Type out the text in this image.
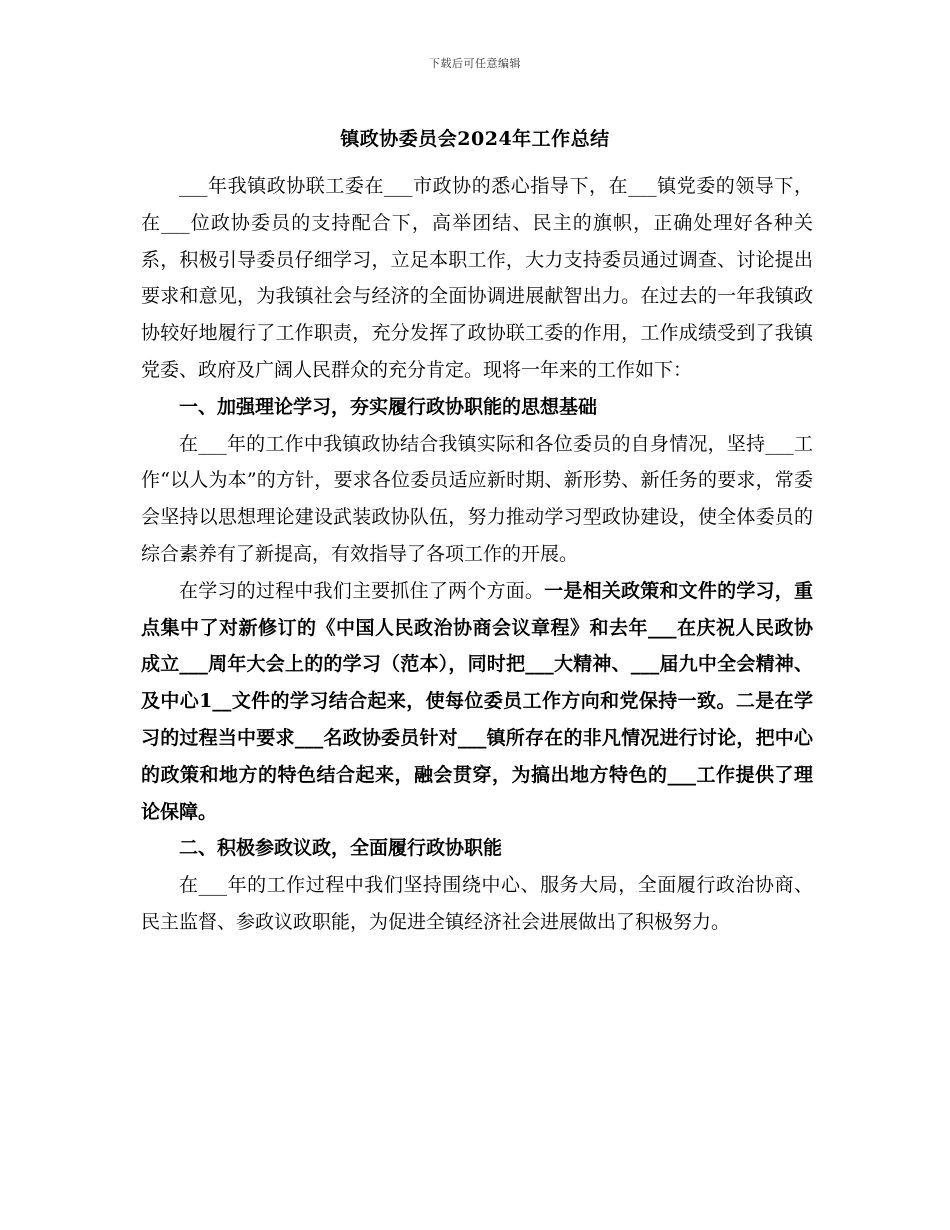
下载后可任意编辑
镇政协委员会2024年工作总结

___年我镇政协联工委在___市政协的悉心指导下，在___镇党委的领导下，在___位政协委员的支持配合下，高举团结、民主的旗帜，正确处理好各种关系，积极引导委员仔细学习，立足本职工作，大力支持委员通过调查、讨论提出要求和意见，为我镇社会与经济的全面协调进展献智出力。在过去的一年我镇政协较好地履行了工作职责，充分发挥了政协联工委的作用，工作成绩受到了我镇党委、政府及广阔人民群众的充分肯定。现将一年来的工作如下：

一、加强理论学习，夯实履行政协职能的思想基础

在___年的工作中我镇政协结合我镇实际和各位委员的自身情况，坚持___工作“以人为本”的方针，要求各位委员适应新时期、新形势、新任务的要求，常委会坚持以思想理论建设武装政协队伍，努力推动学习型政协建设，使全体委员的综合素养有了新提高，有效指导了各项工作的开展。

在学习的过程中我们主要抓住了两个方面。一是相关政策和文件的学习，重点集中了对新修订的《中国人民政治协商会议章程》和去年___在庆祝人民政协成立___周年大会上的的学习（范本），同时把___大精神、___届九中全会精神、及中心1__文件的学习结合起来，使每位委员工作方向和党保持一致。二是在学习的过程当中要求___名政协委员针对___镇所存在的非凡情况进行讨论，把中心的政策和地方的特色结合起来，融会贯穿，为搞出地方特色的___工作提供了理论保障。

二、积极参政议政，全面履行政协职能

在___年的工作过程中我们坚持围绕中心、服务大局，全面履行政治协商、民主监督、参政议政职能，为促进全镇经济社会进展做出了积极努力。
